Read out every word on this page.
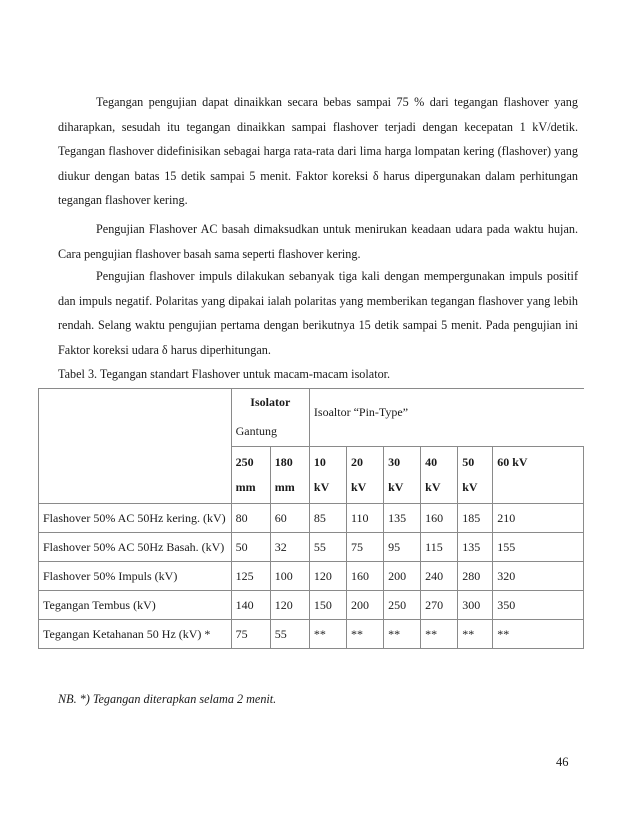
Tegangan pengujian dapat dinaikkan secara bebas sampai 75 % dari tegangan flashover yang diharapkan, sesudah itu tegangan dinaikkan sampai flashover terjadi dengan kecepatan 1 kV/detik. Tegangan flashover didefinisikan sebagai harga rata-rata dari lima harga lompatan kering (flashover) yang diukur dengan batas 15 detik sampai 5 menit. Faktor koreksi δ harus dipergunakan dalam perhitungan tegangan flashover kering.

Pengujian Flashover AC basah dimaksudkan untuk menirukan keadaan udara pada waktu hujan. Cara pengujian flashover basah sama seperti flashover kering.

Pengujian flashover impuls dilakukan sebanyak tiga kali dengan mempergunakan impuls positif dan impuls negatif. Polaritas yang dipakai ialah polaritas yang memberikan tegangan flashover yang lebih rendah. Selang waktu pengujian pertama dengan berikutnya 15 detik sampai 5 menit. Pada pengujian ini Faktor koreksi udara δ harus diperhitungan.

Tabel 3. Tegangan standart Flashover untuk macam-macam isolator.

	Isolator
Gantung		Isoaltor “Pin-Type”					

	250 mm	180 mm	10 kV	20 kV	30 kV	40 kV	50 kV	60 kV
Flashover 50% AC 50Hz kering. (kV)	80	60	85	110	135	160	185	210
Flashover 50% AC 50Hz Basah. (kV)	50	32	55	75	95	115	135	155
Flashover 50% Impuls (kV)	125	100	120	160	200	240	280	320
Tegangan Tembus (kV)	140	120	150	200	250	270	300	350
Tegangan Ketahanan 50 Hz (kV) *	75	55	**	**	**	**	**	**

NB. *) Tegangan diterapkan selama 2 menit.

46
